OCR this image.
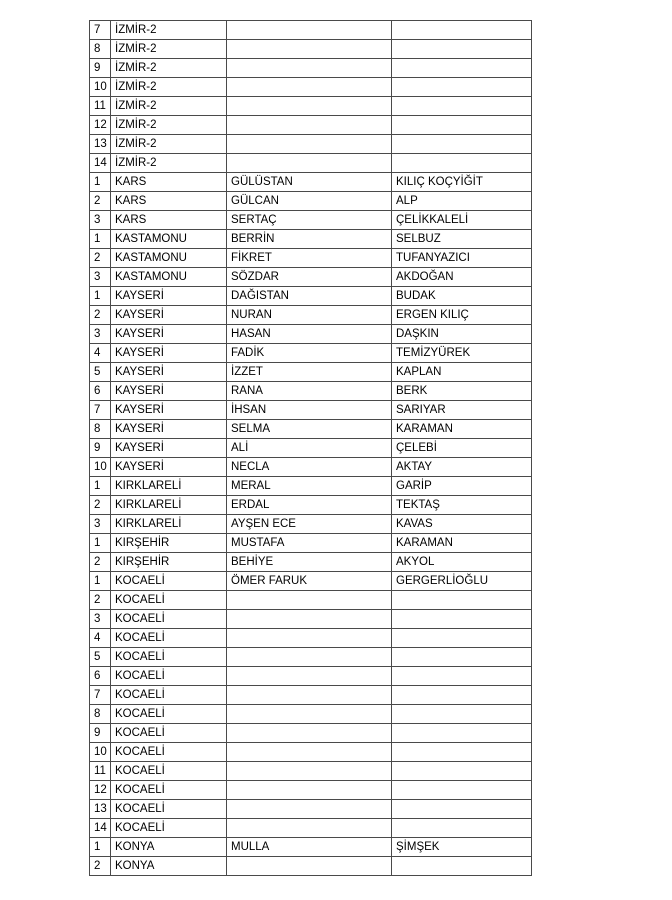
7	İZMİR-2		
8	İZMİR-2		
9	İZMİR-2		
10	İZMİR-2		
11	İZMİR-2		
12	İZMİR-2		
13	İZMİR-2		
14	İZMİR-2		
1	KARS	GÜLÜSTAN	KILIÇ KOÇYİĞİT
2	KARS	GÜLCAN	ALP
3	KARS	SERTAÇ	ÇELİKKALELİ
1	KASTAMONU	BERRİN	SELBUZ
2	KASTAMONU	FİKRET	TUFANYAZICI
3	KASTAMONU	SÖZDAR	AKDOĞAN
1	KAYSERİ	DAĞISTAN	BUDAK
2	KAYSERİ	NURAN	ERGEN KILIÇ
3	KAYSERİ	HASAN	DAŞKIN
4	KAYSERİ	FADİK	TEMİZYÜREK
5	KAYSERİ	İZZET	KAPLAN
6	KAYSERİ	RANA	BERK
7	KAYSERİ	İHSAN	SARIYAR
8	KAYSERİ	SELMA	KARAMAN
9	KAYSERİ	ALİ	ÇELEBİ
10	KAYSERİ	NECLA	AKTAY
1	KIRKLARELİ	MERAL	GARİP
2	KIRKLARELİ	ERDAL	TEKTAŞ
3	KIRKLARELİ	AYŞEN ECE	KAVAS
1	KIRŞEHİR	MUSTAFA	KARAMAN
2	KIRŞEHİR	BEHİYE	AKYOL
1	KOCAELİ	ÖMER FARUK	GERGERLİOĞLU
2	KOCAELİ		
3	KOCAELİ		
4	KOCAELİ		
5	KOCAELİ		
6	KOCAELİ		
7	KOCAELİ		
8	KOCAELİ		
9	KOCAELİ		
10	KOCAELİ		
11	KOCAELİ		
12	KOCAELİ		
13	KOCAELİ		
14	KOCAELİ		
1	KONYA	MULLA	ŞİMŞEK
2	KONYA		
